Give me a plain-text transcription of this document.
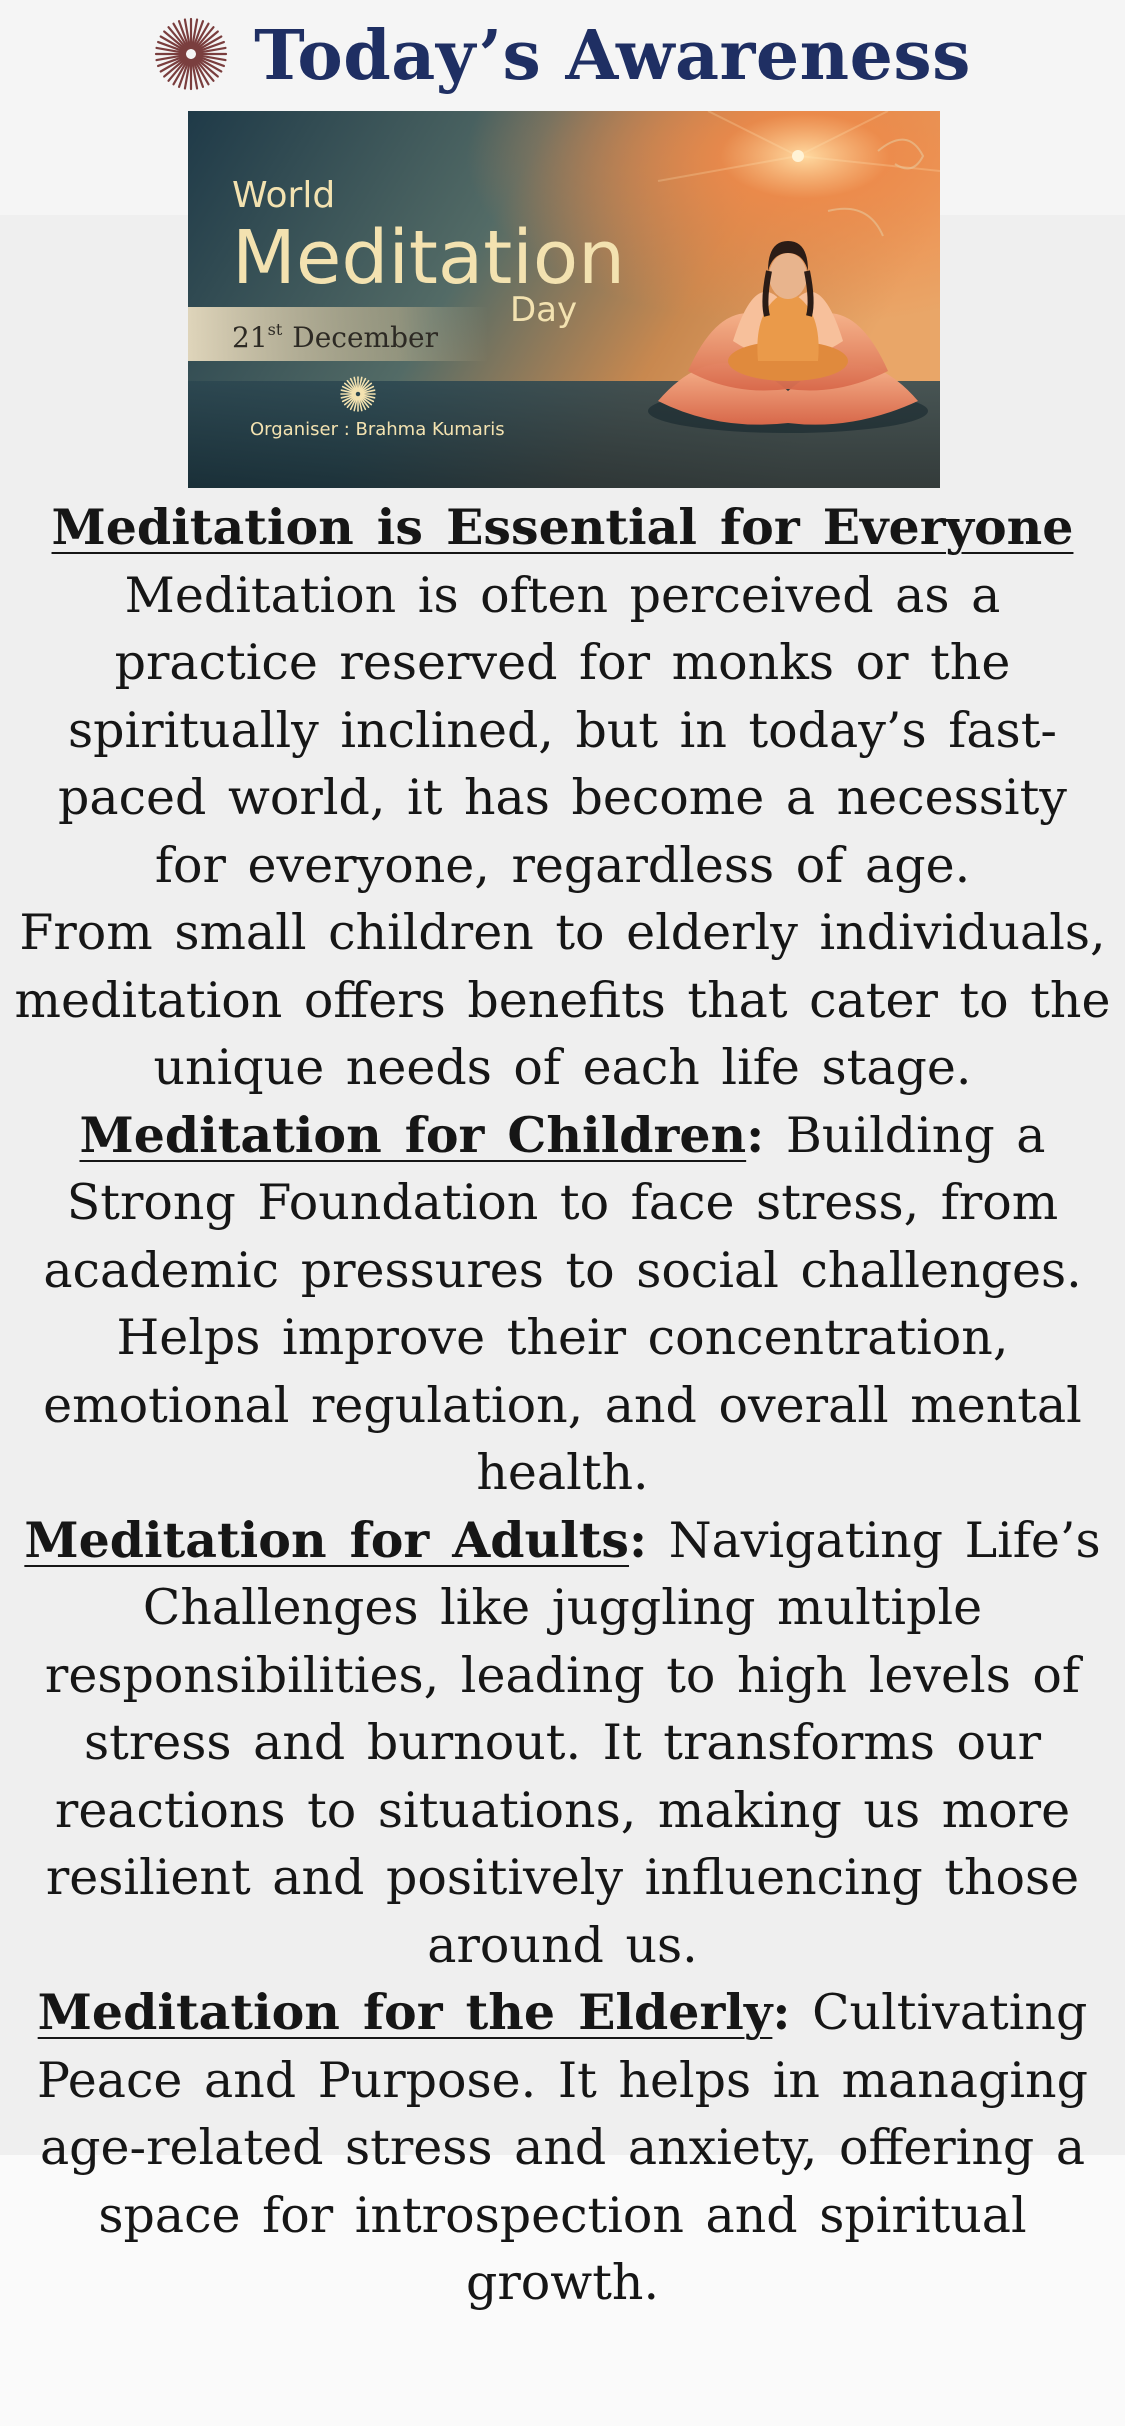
Today’s Awareness
World
Meditation
Day
21st December
Organiser : Brahma Kumaris

Meditation is Essential for Everyone

Meditation is often perceived as a practice reserved for monks or the spiritually inclined, but in today’s fast-paced world, it has become a necessity for everyone, regardless of age.

From small children to elderly individuals, meditation offers benefits that cater to the unique needs of each life stage.

Meditation for Children: Building a Strong Foundation to face stress, from academic pressures to social challenges. Helps improve their concentration, emotional regulation, and overall mental health.

Meditation for Adults: Navigating Life’s Challenges like juggling multiple responsibilities, leading to high levels of stress and burnout. It transforms our reactions to situations, making us more resilient and positively influencing those around us.

Meditation for the Elderly: Cultivating Peace and Purpose. It helps in managing age-related stress and anxiety, offering a space for introspection and spiritual growth.
